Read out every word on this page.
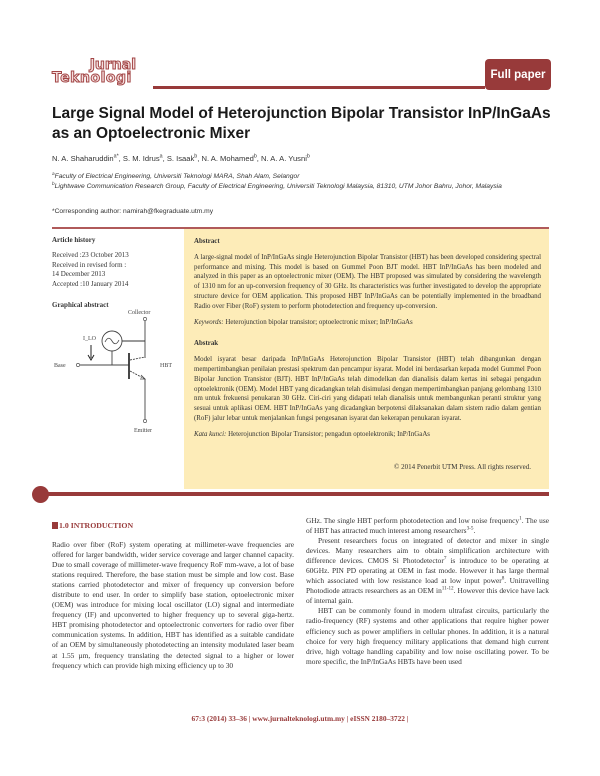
Jurnal
Teknologi	Full paper
Large Signal Model of Heterojunction Bipolar Transistor InP/InGaAs as an Optoelectronic Mixer
N. A. Shaharuddin$^{a*}$, S. M. Idrus$^a$, S. Isaak$^b$, N. A. Mohamed$^b$, N. A. A. Yusni$^b$
$^a$Faculty of Electrical Engineering, Universiti Teknologi MARA, Shah Alam, Selangor
$^b$Lightwave Communication Research Group, Faculty of Electrical Engineering, Universiti Teknologi Malaysia, 81310, UTM Johor Bahru, Johor, Malaysia
*Corresponding author: namirah@fkegraduate.utm.my
Article history
Received :23 October 2013
Received in revised form :
14 December 2013
Accepted :10 January 2014
Graphical abstract
Collector
I_LO
Base	HBT
Emitter
Abstract
A large-signal model of InP/InGaAs single Heterojunction Bipolar Transistor (HBT) has been developed considering spectral performance and mixing. This model is based on Gummel Poon BJT model. HBT InP/InGaAs has been modeled and analyzed in this paper as an optoelectronic mixer (OEM). The HBT proposed was simulated by considering the wavelength of 1310 nm for an up-conversion frequency of 30 GHz. Its characteristics was further investigated to develop the appropriate structure device for OEM application. This proposed HBT InP/InGaAs can be potentially implemented in the broadband Radio over Fiber (RoF) system to perform photodetection and frequency up-conversion.
Keywords: Heterojunction bipolar transistor; optoelectronic mixer; InP/InGaAs
Abstrak
Model isyarat besar daripada InP/InGaAs Heterojunction Bipolar Transistor (HBT) telah dibangunkan dengan mempertimbangkan penilaian prestasi spektrum dan pencampur isyarat. Model ini berdasarkan kepada model Gummel Poon Bipolar Junction Transistor (BJT). HBT InP/InGaAs telah dimodelkan dan dianalisis dalam kertas ini sebagai pengadun optoelektronik (OEM). Model HBT yang dicadangkan telah disimulasi dengan mempertimbangkan panjang gelombang 1310 nm untuk frekuensi penukaran 30 GHz. Ciri-ciri yang didapati telah dianalisis untuk membangunkan peranti struktur yang sesuai untuk aplikasi OEM. HBT InP/InGaAs yang dicadangkan berpotensi dilaksanakan dalam sistem radio dalam gentian (RoF) jalur lebar untuk menjalankan fungsi pengesanan isyarat dan kekerapan penukaran isyarat.
Kata kunci: Heterojunction Bipolar Transistor; pengadun optoelektronik; InP/InGaAs
© 2014 Penerbit UTM Press. All rights reserved.
1.0 INTRODUCTION
Radio over fiber (RoF) system operating at millimeter-wave frequencies are offered for larger bandwidth, wider service coverage and larger channel capacity. Due to small coverage of millimeter-wave frequency RoF mm-wave, a lot of base stations required. Therefore, the base station must be simple and low cost. Base stations carried photodetector and mixer of frequency up conversion before distribute to end user. In order to simplify base station, optoelectronic mixer (OEM) was introduce for mixing local oscillator (LO) signal and intermediate frequency (IF) and upconverted to higher frequency up to several giga-hertz. HBT promising photodetector and optoelectronic converters for radio over fiber communication systems. In addition, HBT has identified as a suitable candidate of an OEM by simultaneously photodetecting an intensity modulated laser beam at 1.55 µm, frequency translating the detected signal to a higher or lower frequency which can provide high mixing efficiency up to 30

GHz. The single HBT perform photodetection and low noise frequency$^1$. The use of HBT has attracted much interest among researchers$^{3-5}$.

Present researchers focus on integrated of detector and mixer in single devices. Many researchers aim to obtain simplification architecture with difference devices. CMOS Si Photodetector$^7$ is introduce to be operating at 60GHz. PIN PD operating at OEM in fast mode. However it has large thermal which associated with low resistance load at low input power$^8$. Unitravelling Photodiode attracts researchers as an OEM $in^{11-12}$. However this device have lack of internal gain.

HBT can be commonly found in modern ultrafast circuits, particularly the radio-frequency (RF) systems and other applications that require higher power efficiency such as power amplifiers in cellular phones. In addition, it is a natural choice for very high frequency military applications that demand high current drive, high voltage handling capability and low noise oscillating power. To be more specific, the InP/InGaAs HBTs have been used

67:3 (2014) 33–36 | www.jurnalteknologi.utm.my | eISSN 2180–3722 |
